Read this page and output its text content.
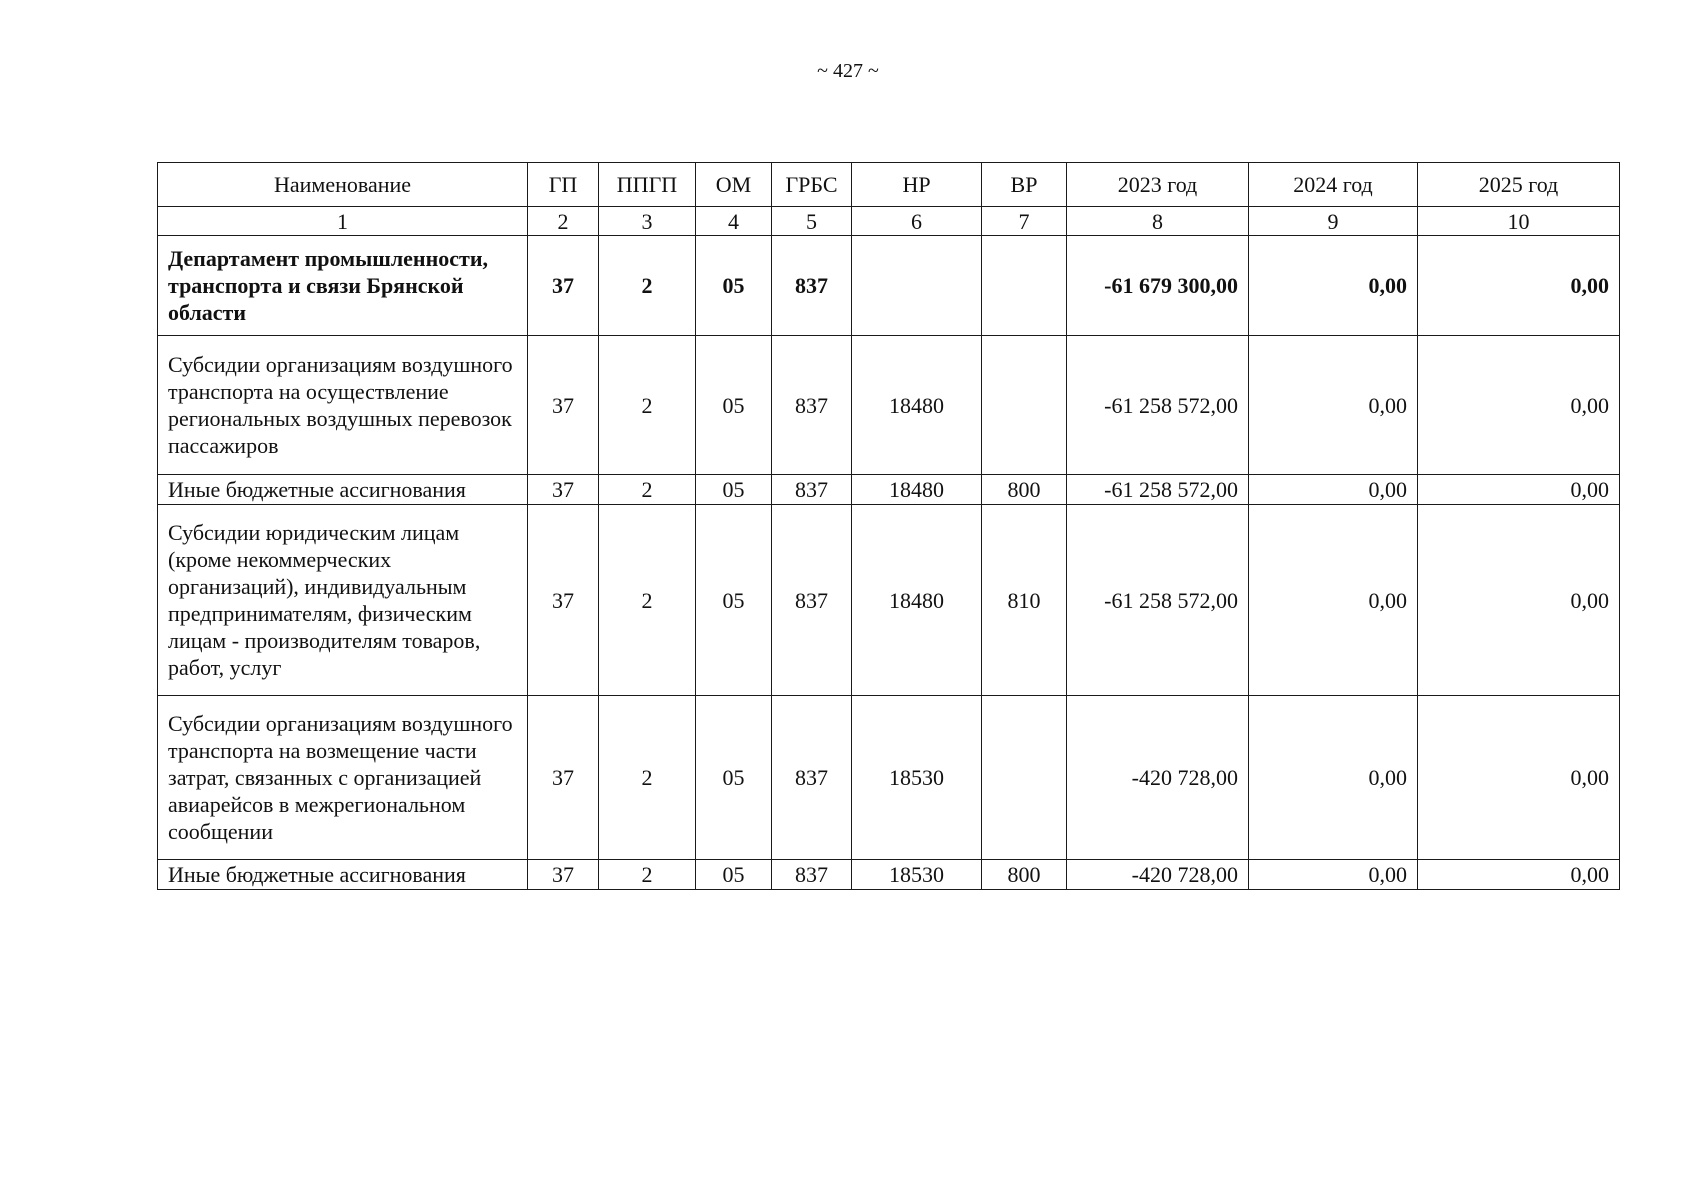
~ 427 ~
Наименование	ГП	ППГП	ОМ	ГРБС	НР	ВР	2023 год	2024 год	2025 год
1	2	3	4	5	6	7	8	9	10
Департамент промышленности, транспорта и связи Брянской области	37	2	05	837			-61 679 300,00	0,00	0,00
Субсидии организациям воздушного транспорта на осуществление региональных воздушных перевозок пассажиров	37	2	05	837	18480		-61 258 572,00	0,00	0,00
Иные бюджетные ассигнования	37	2	05	837	18480	800	-61 258 572,00	0,00	0,00
Субсидии юридическим лицам (кроме некоммерческих организаций), индивидуальным предпринимателям, физическим лицам - производителям товаров, работ, услуг	37	2	05	837	18480	810	-61 258 572,00	0,00	0,00
Субсидии организациям воздушного транспорта на возмещение части затрат, связанных с организацией авиарейсов в межрегиональном сообщении	37	2	05	837	18530		-420 728,00	0,00	0,00
Иные бюджетные ассигнования	37	2	05	837	18530	800	-420 728,00	0,00	0,00
